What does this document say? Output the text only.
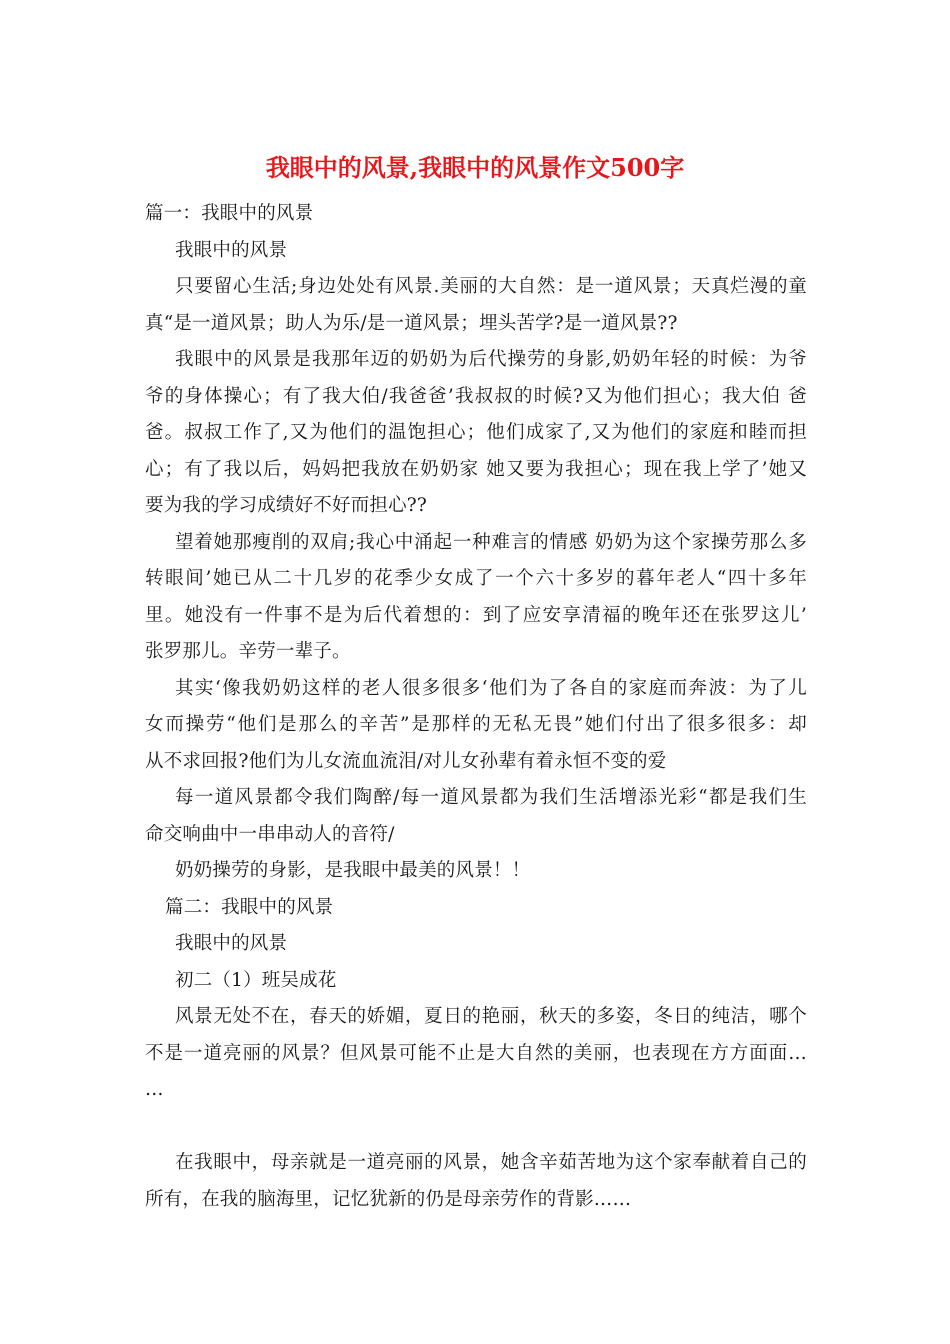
我眼中的风景,我眼中的风景作文500字
篇一：我眼中的风景
我眼中的风景
只要留心生活;身边处处有风景.美丽的大自然：是一道风景；天真烂漫的童
真“是一道风景；助人为乐/是一道风景；埋头苦学?是一道风景??
我眼中的风景是我那年迈的奶奶为后代操劳的身影,奶奶年轻的时候：为爷
爷的身体操心；有了我大伯/我爸爸’我叔叔的时候?又为他们担心；我大伯 爸
爸。叔叔工作了,又为他们的温饱担心；他们成家了,又为他们的家庭和睦而担
心；有了我以后，妈妈把我放在奶奶家 她又要为我担心；现在我上学了’她又
要为我的学习成绩好不好而担心??
望着她那瘦削的双肩;我心中涌起一种难言的情感 奶奶为这个家操劳那么多
转眼间’她已从二十几岁的花季少女成了一个六十多岁的暮年老人“四十多年
里。她没有一件事不是为后代着想的：到了应安享清福的晚年还在张罗这儿’
张罗那儿。辛劳一辈子。
其实‘像我奶奶这样的老人很多很多‘他们为了各自的家庭而奔波：为了儿
女而操劳“他们是那么的辛苦”是那样的无私无畏”她们付出了很多很多：却
从不求回报?他们为儿女流血流泪/对儿女孙辈有着永恒不变的爱
每一道风景都令我们陶醉/每一道风景都为我们生活增添光彩“都是我们生
命交响曲中一串串动人的音符/
奶奶操劳的身影，是我眼中最美的风景！！
篇二：我眼中的风景
我眼中的风景
初二（1）班吴成花
风景无处不在，春天的娇媚，夏日的艳丽，秋天的多姿，冬日的纯洁，哪个
不是一道亮丽的风景？但风景可能不止是大自然的美丽，也表现在方方面面…
…
在我眼中，母亲就是一道亮丽的风景，她含辛茹苦地为这个家奉献着自己的
所有，在我的脑海里，记忆犹新的仍是母亲劳作的背影……
